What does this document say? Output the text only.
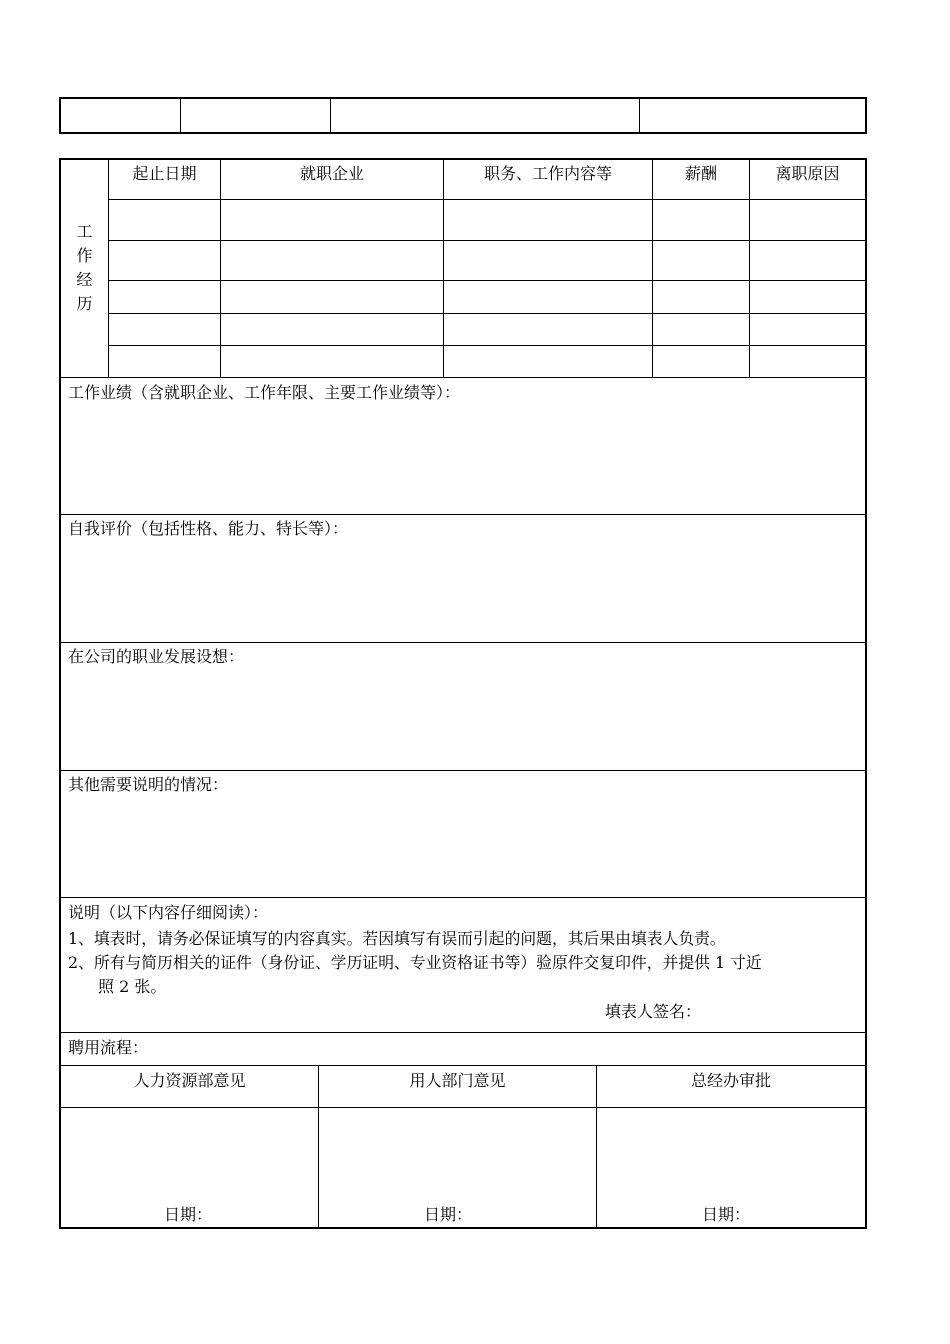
工
作
经
历
起止日期	就职企业	职务、工作内容等	薪酬	离职原因
工作业绩（含就职企业、工作年限、主要工作业绩等）：
自我评价（包括性格、能力、特长等）：
在公司的职业发展设想：
其他需要说明的情况：
说明（以下内容仔细阅读）：
1、填表时，请务必保证填写的内容真实。若因填写有误而引起的问题，其后果由填表人负责。
2、所有与简历相关的证件（身份证、学历证明、专业资格证书等）验原件交复印件，并提供 1 寸近
照 2 张。
填表人签名：
聘用流程：
人力资源部意见	用人部门意见	总经办审批
日期：	日期：	日期：
